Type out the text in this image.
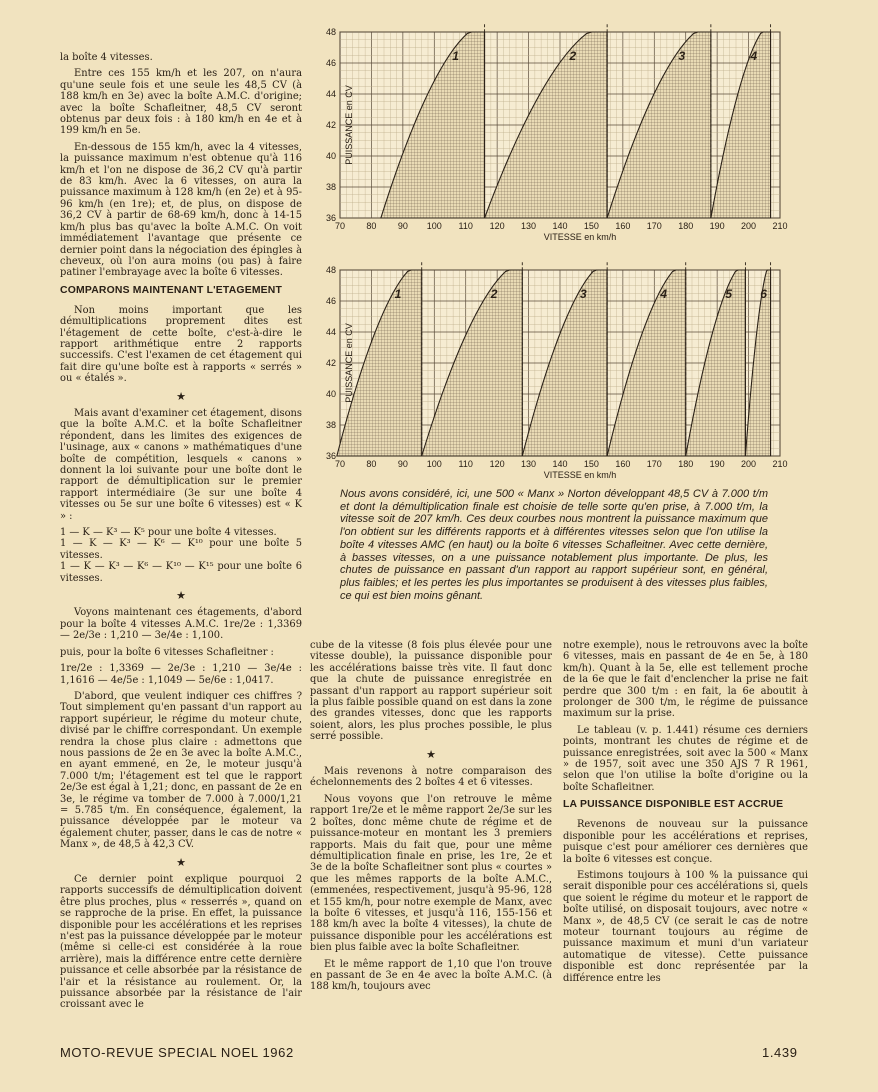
la boîte 4 vitesses.

Entre ces 155 km/h et les 207, on n'aura qu'une seule fois et une seule les 48,5 CV (à 188 km/h en 3e) avec la boîte A.M.C. d'origine; avec la boîte Schafleitner, 48,5 CV seront obtenus par deux fois : à 180 km/h en 4e et à 199 km/h en 5e.

En-dessous de 155 km/h, avec la 4 vitesses, la puissance maximum n'est obtenue qu'à 116 km/h et l'on ne dispose de 36,2 CV qu'à partir de 83 km/h. Avec la 6 vitesses, on aura la puissance maximum à 128 km/h (en 2e) et à 95-96 km/h (en 1re); et, de plus, on dispose de 36,2 CV à partir de 68-69 km/h, donc à 14-15 km/h plus bas qu'avec la boîte A.M.C. On voit immédiatement l'avantage que présente ce dernier point dans la négociation des épingles à cheveux, où l'on aura moins (ou pas) à faire patiner l'embrayage avec la boîte 6 vitesses.

COMPARONS MAINTENANT L'ETAGEMENT

Non moins important que les démultiplications proprement dites est l'étagement de cette boîte, c'est-à-dire le rapport arithmétique entre 2 rapports successifs. C'est l'examen de cet étagement qui fait dire qu'une boîte est à rapports « serrés » ou « étalés ».

★

Mais avant d'examiner cet étagement, disons que la boîte A.M.C. et la boîte Schafleitner répondent, dans les limites des exigences de l'usinage, aux « canons » mathématiques d'une boîte de compétition, lesquels « canons » donnent la loi suivante pour une boîte dont le rapport de démultiplication sur le premier rapport intermédiaire (3e sur une boîte 4 vitesses ou 5e sur une boîte 6 vitesses) est « K » :

1 — K — K³ — K⁵ pour une boîte 4 vitesses.

1 — K — K³ — K⁶ — K¹⁰ pour une boîte 5 vitesses.

1 — K — K³ — K⁶ — K¹⁰ — K¹⁵ pour une boîte 6 vitesses.

★

Voyons maintenant ces étagements, d'abord pour la boîte 4 vitesses A.M.C. 1re/2e : 1,3369 — 2e/3e : 1,210 — 3e/4e : 1,100.

puis, pour la boîte 6 vitesses Schafleitner :

1re/2e : 1,3369 — 2e/3e : 1,210 — 3e/4e : 1,1616 — 4e/5e : 1,1049 — 5e/6e : 1,0417.

D'abord, que veulent indiquer ces chiffres ? Tout simplement qu'en passant d'un rapport au rapport supérieur, le régime du moteur chute, divisé par le chiffre correspondant. Un exemple rendra la chose plus claire : admettons que nous passions de 2e en 3e avec la boîte A.M.C., en ayant emmené, en 2e, le moteur jusqu'à 7.000 t/m; l'étagement est tel que le rapport 2e/3e est égal à 1,21; donc, en passant de 2e en 3e, le régime va tomber de 7.000 à 7.000/1,21 = 5.785 t/m. En conséquence, également, la puissance développée par le moteur va également chuter, passer, dans le cas de notre « Manx », de 48,5 à 42,3 CV.

★

Ce dernier point explique pourquoi 2 rapports successifs de démultiplication doivent être plus proches, plus « resserrés », quand on se rapproche de la prise. En effet, la puissance disponible pour les accélérations et les reprises n'est pas la puissance développée par le moteur (même si celle-ci est considérée à la roue arrière), mais la différence entre cette dernière puissance et celle absorbée par la résistance de l'air et la résistance au roulement. Or, la puissance absorbée par la résistance de l'air croissant avec le

1	2	3	4
70 80 90 100 110 120 130 140 150 160 170 180 190 200 210
36
38
40
42
44
46
48
VITESSE en km/h
PUISSANCE en CV
1	2	3	4	5 6
70 80 90 100 110 120 130 140 150 160 170 180 190 200 210
36
38
40
42
44
46
48
VITESSE en km/h
PUISSANCE en CV
Nous avons considéré, ici, une 500 « Manx » Norton développant 48,5 CV à 7.000 t/m et dont la démultiplication finale est choisie de telle sorte qu'en prise, à 7.000 t/m, la vitesse soit de 207 km/h. Ces deux courbes nous montrent la puissance maximum que l'on obtient sur les différents rapports et à différentes vitesses selon que l'on utilise la boîte 4 vitesses AMC (en haut) ou la boîte 6 vitesses Schafleitner. Avec cette dernière, à basses vitesses, on a une puissance notablement plus importante. De plus, les chutes de puissance en passant d'un rapport au rapport supérieur sont, en général, plus faibles; et les pertes les plus importantes se produisent à des vitesses plus faibles, ce qui est bien moins gênant.

cube de la vitesse (8 fois plus élevée pour une vitesse double), la puissance disponible pour les accélérations baisse très vite. Il faut donc que la chute de puissance enregistrée en passant d'un rapport au rapport supérieur soit la plus faible possible quand on est dans la zone des grandes vitesses, donc que les rapports soient, alors, les plus proches possible, le plus serré possible.

★

Mais revenons à notre comparaison des échelonnements des 2 boîtes 4 et 6 vitesses.

Nous voyons que l'on retrouve le même rapport 1re/2e et le même rapport 2e/3e sur les 2 boîtes, donc même chute de régime et de puissance-moteur en montant les 3 premiers rapports. Mais du fait que, pour une même démultiplication finale en prise, les 1re, 2e et 3e de la boîte Schafleitner sont plus « courtes » que les mêmes rapports de la boîte A.M.C., (emmenées, respectivement, jusqu'à 95-96, 128 et 155 km/h, pour notre exemple de Manx, avec la boîte 6 vitesses, et jusqu'à 116, 155-156 et 188 km/h avec la boîte 4 vitesses), la chute de puissance disponible pour les accélérations est bien plus faible avec la boîte Schafleitner.

Et le même rapport de 1,10 que l'on trouve en passant de 3e en 4e avec la boîte A.M.C. (à 188 km/h, toujours avec

notre exemple), nous le retrouvons avec la boîte 6 vitesses, mais en passant de 4e en 5e, à 180 km/h). Quant à la 5e, elle est tellement proche de la 6e que le fait d'enclencher la prise ne fait perdre que 300 t/m : en fait, la 6e aboutit à prolonger de 300 t/m, le régime de puissance maximum sur la prise.

Le tableau (v. p. 1.441) résume ces derniers points, montrant les chutes de régime et de puissance enregistrées, soit avec la 500 « Manx » de 1957, soit avec une 350 AJS 7 R 1961, selon que l'on utilise la boîte d'origine ou la boîte Schafleitner.

LA PUISSANCE DISPONIBLE EST ACCRUE

Revenons de nouveau sur la puissance disponible pour les accélérations et reprises, puisque c'est pour améliorer ces dernières que la boîte 6 vitesses est conçue.

Estimons toujours à 100 % la puissance qui serait disponible pour ces accélérations si, quels que soient le régime du moteur et le rapport de boîte utilisé, on disposait toujours, avec notre « Manx », de 48,5 CV (ce serait le cas de notre moteur tournant toujours au régime de puissance maximum et muni d'un variateur automatique de vitesse). Cette puissance disponible est donc représentée par la différence entre les

MOTO-REVUE SPECIAL NOEL 1962	1.439
